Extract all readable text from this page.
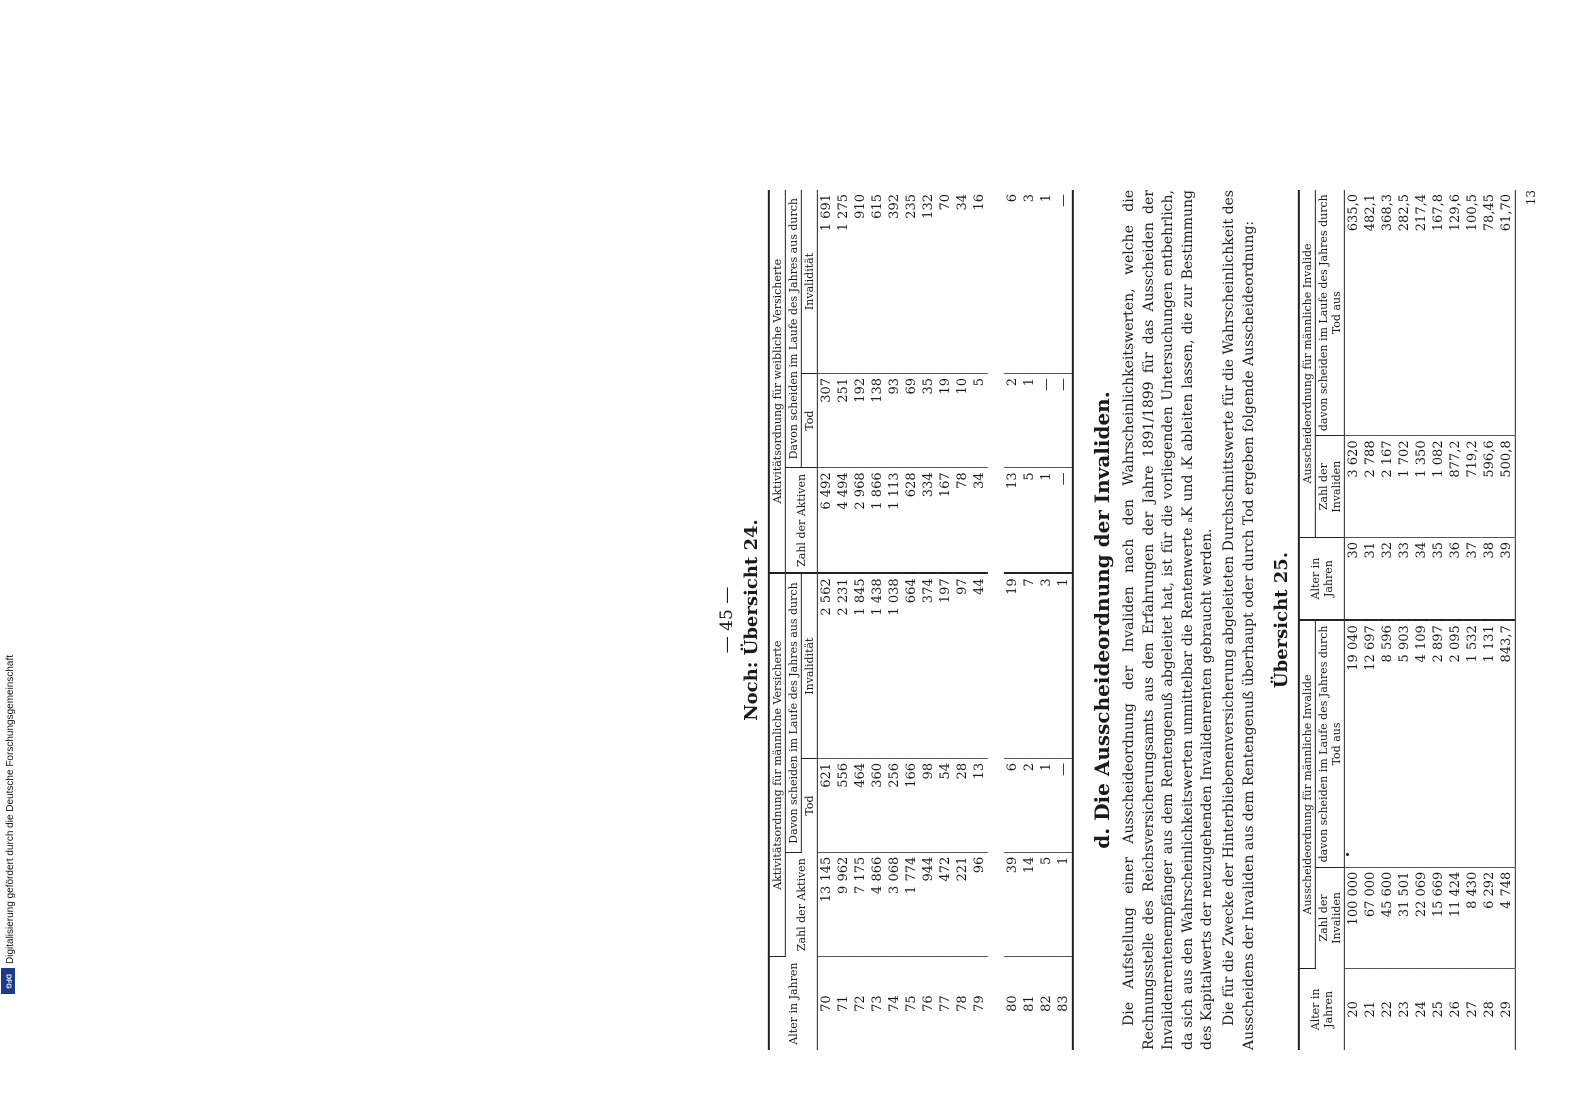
Digitalisierung gefördert durch die Deutsche Forschungsgemeinschaft
DFG
— 45 — Noch: Übersicht 24.
Alter in Jahren	Aktivitätsordnung für männliche Versicherte			Aktivitätsordnung für weibliche Versicherte		
	Zahl der Aktiven	Davon scheiden im Laufe des Jahres aus durch		Zahl der Aktiven	Davon scheiden im Laufe des Jahres aus durch	
		Tod	Invalidität		Tod	Invalidität
70	13 145	621	2 562	6 492	307	1 691
71	9 962	556	2 231	4 494	251	1 275
72	7 175	464	1 845	2 968	192	910
73	4 866	360	1 438	1 866	138	615
74	3 068	256	1 038	1 113	93	392
75	1 774	166	664	628	69	235
76	944	98	374	334	35	132
77	472	54	197	167	19	70
78	221	28	97	78	10	34
79	96	13	44	34	5	16

80	39	6	19	13	2	6
81	14	2	7	5	1	3
82	5	1	3	1	—	1
83	1	—	1	—	—	—
d. Die Ausscheideordnung der Invaliden. Die Aufstellung einer Ausscheideordnung der Invaliden nach den Wahrscheinlichkeitswerten, welche die Rechnungsstelle des Reichsversicherungsamts aus den Erfahrungen der Jahre 1891/1899 für das Ausscheiden der Invalidenrentenempfänger aus dem Rentengenuß abgeleitet hat, ist für die vorliegenden Untersuchungen entbehrlich, da sich aus den Wahrscheinlichkeitswerten unmittelbar die Rentenwerte ₐK und ᵢK ableiten lassen, die zur Bestimmung des Kapitalwerts der neuzugehenden Invalidenrenten gebraucht werden. Die für die Zwecke der Hinterbliebenenversicherung abgeleiteten Durchschnittswerte für die Wahrscheinlichkeit des Ausscheidens der Invaliden aus dem Rentengenuß überhaupt oder durch Tod ergeben folgende Ausscheideordnung: Übersicht 25.
Alter in Jahren	Ausscheideordnung für männliche Invalide		Alter in Jahren	Ausscheideordnung für männliche Invalide	
	Zahl der Invaliden	davon scheiden im Laufe des Jahres durch Tod aus		Zahl der Invaliden	davon scheiden im Laufe des Jahres durch Tod aus
20	100 000	19 040	30	3 620	635,0
21	67 000	12 697	31	2 788	482,1
22	45 600	8 596	32	2 167	368,3
23	31 501	5 903	33	1 702	282,5
24	22 069	4 109	34	1 350	217,4
25	15 669	2 897	35	1 082	167,8
26	11 424	2 095	36	877,2	129,6
27	8 430	1 532	37	719,2	100,5
28	6 292	1 131	38	596,6	78,45
29	4 748	843,7	39	500,8	61,70 13
